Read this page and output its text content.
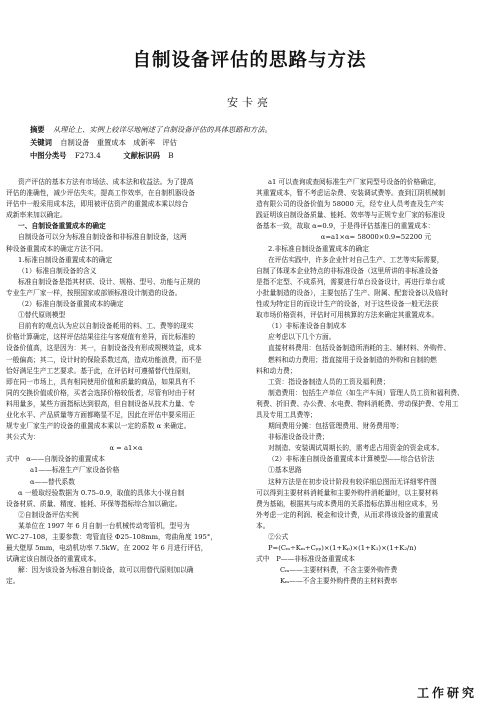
自制设备评估的思路与方法
安卡亮
摘要 从理论上、实例上较详尽地阐述了自制设备评估的具体思路和方法。
关键词 自制设备　重置成本　成新率　评估
中图分类号 F273.4	文献标识码 B

资产评估的基本方法有市场法、成本法和收益法。为了提高

评估的准确性，减少评估失实，提高工作效率，在自制机器设备

评估中一般采用成本法，即用被评估资产的重置成本乘以综合

成新率来加以确定。

一、自制设备重置成本的确定

自制设备可以分为标准自制设备和非标准自制设备，这两

种设备重置成本的确定方法不同。

1.标准自制设备重置成本的确定

（1）标准自制设备的含义

标准自制设备是指其材质、设计、规格、型号、功能与正规的

专业生产厂家一样，按照国家或部颁标准设计制造的设备。

（2）标准自制设备重置成本的确定

①替代原则模型

目前有的观点认为应以自制设备耗用的料、工、费等的现实

价格计算确定，这样评估结果往往与客观值有差异，而比标准的

设备价值高，这是因为：其一，自制设备没有形成规模效益，成本

一般偏高；其二，设计时的保险系数过高，造成功能浪费，而不是

恰好满足生产工艺要求。基于此，在评估时可遵循替代性原则，

即在同一市场上，具有相同使用价值和质量的商品，如果具有不

同的交换价值或价格，买者会选择价格较低者，尽管有时由于材

料用量多，某些方面指标达到很高，但自制设备从技术力量、专

业化水平、产品质量等方面都略显不足，因此在评估中要采用正

规专业厂家生产的设备的重置成本乘以一定的系数 α 来确定。

其公式为：

α = a1×α

式中　α——自制设备的重置成本

a1——标准生产厂家设备价格

α——替代系数

α 一般取经验数据为 0.75–0.9，取值的具体大小视自制

设备材质、质量、精度、能耗、环保等指标综合加以确定。

②自制设备评估实例

某单位在 1997 年 6 月自制一台机械传动弯管机，型号为

WC-27–108，主要参数：弯管直径 Φ25–108mm，弯曲角度 195°，

最大壁厚 5mm，电动机功率 7.5kW。在 2002 年 6 月进行评估，

试确定该自制设备的重置成本。

解：因为该设备为标准自制设备，故可以用替代原则加以确

定。

a1 可以查询或查阅标准生产厂家同型号设备的价格确定，

其重置成本，暂不考虑运杂费、安装调试费等。查到江阴机械制

造有限公司的设备价值为 58000 元，经专业人员考查及生产实

践证明该自制设备质量、能耗、效率等与正规专业厂家的标准设

备基本一致，故取 α=0.9，于是得评估基准日的重置成本：

α=a1×α= 58000×0.9=52200 元

2.非标准自制设备重置成本的确定

在评估实践中，许多企业针对自己生产、工艺等实际需要，

自制了体现本企业特点的非标准设备（这里所讲的非标准设备

是指不定型、不成系列，需要进行单台设备设计，再进行单台或

小批量制造的设备），主要包括了生产、附属、配套设备以及临时

性或为特定目的而设计生产的设备，对于这些设备一般无法获

取市场价格资料，评估时可用核算的方法来确定其重置成本。

（1）非标准设备自制成本

应考虑以下几个方面。

直接材料费用：包括设备制造所消耗的主、辅材料、外购件、

燃料和动力费用；指直接用于设备制造的外购和自制的燃

料和动力费；

工资：指设备制造人员的工资及福利费；

制造费用：包括生产单位（如生产车间）管理人员工资和福利费、

利费、折旧费、办公费、水电费、物料消耗费、劳动保护费、专用工

具及专用工具费等；

期间费用分摊：包括管理费用、财务费用等；

非标准设备设计费；

对制造、安装调试周期长的，需考虑占用资金的资金成本。

（2）非标准自制设备重置成本计算模型——综合估价法

①基本思路

这种方法是在初步设计阶段有较详细总图而无详细零件图

可以得到主要材料消耗量和主要外购件消耗量时，以主要材料

费为基础，根据其与成本费用的关系指标估算出相应成本，另

外考虑一定的利润、税金和设计费，从而求得该设备的重置成

本。

②公式

P=(Cₘ÷Kₘ+Cₚₚ)×(1+Kₚ)×(1+K₁)×(1+K₂/n)

式中　P——非标准设备重置成本

Cₘ——主要材料费，不含主要外购件费

Kₘ——不含主要外购件费的主材料费率

工作研究
